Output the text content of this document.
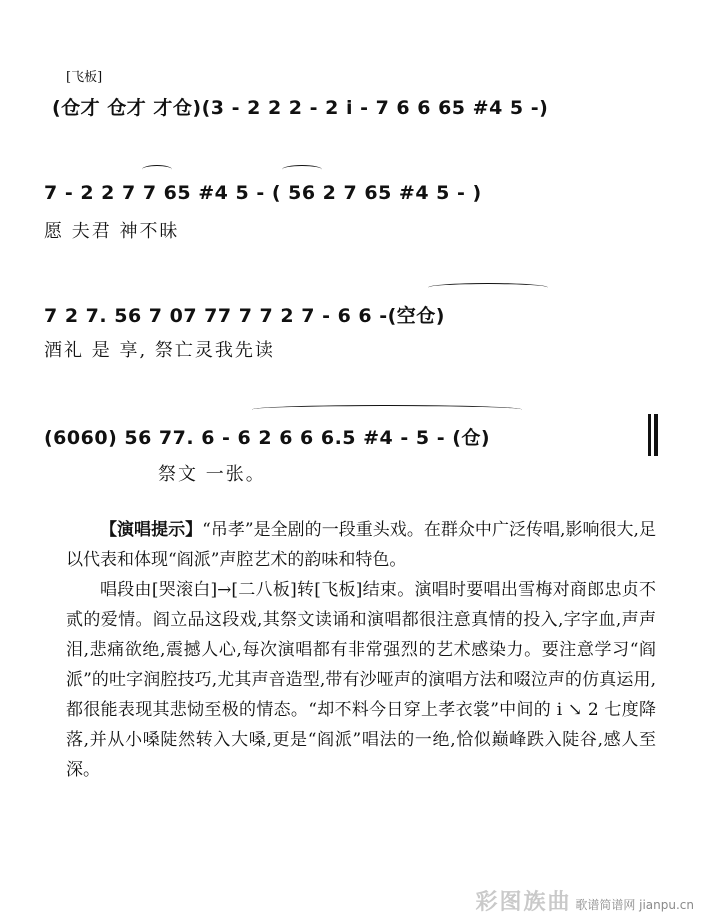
[飞板]
(仓才 仓才 才仓)(3 - 2 2 2 - 2 i - 7 6 6 65 #4 5 -)
7 - 2 2 7 7 65 #4 5 - ( 56 2 7 65 #4 5 - )
愿 夫君 神不昧
7 2 7. 56 7 07 77 7 7 2 7 - 6 6 -(空仓)
酒礼 是 享, 祭亡灵我先读
(6060) 56 77. 6 - 6 2 6 6 6.5 #4 - 5 - (仓)
祭文 一张。

【演唱提示】“吊孝”是全剧的一段重头戏。在群众中广泛传唱,影响很大,足以代表和体现“阎派”声腔艺术的韵味和特色。

唱段由[哭滚白]→[二八板]转[飞板]结束。演唱时要唱出雪梅对商郎忠贞不贰的爱情。阎立品这段戏,其祭文读诵和演唱都很注意真情的投入,字字血,声声泪,悲痛欲绝,震撼人心,每次演唱都有非常强烈的艺术感染力。要注意学习“阎派”的吐字润腔技巧,尤其声音造型,带有沙哑声的演唱方法和啜泣声的仿真运用,都很能表现其悲恸至极的情态。“却不料今日穿上孝衣裳”中间的 i ↘ 2 七度降落,并从小嗓陡然转入大嗓,更是“阎派”唱法的一绝,恰似巅峰跌入陡谷,感人至深。

彩图族曲 歌谱简谱网 jianpu.cn
